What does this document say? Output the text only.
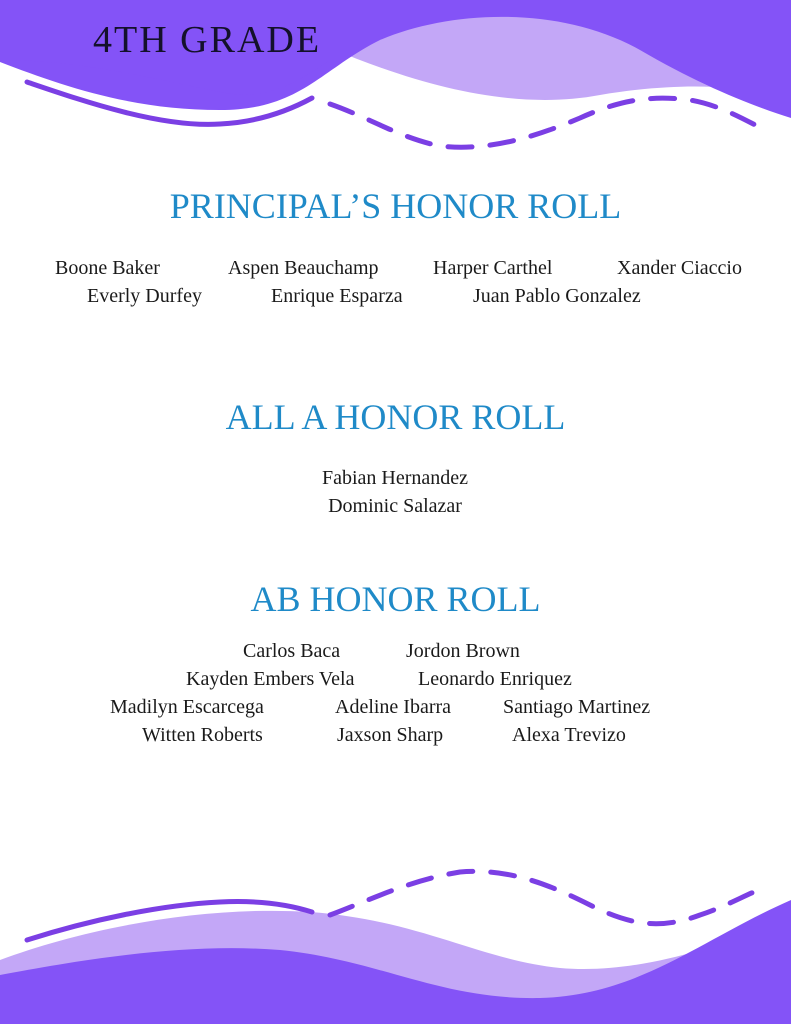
4TH GRADE
PRINCIPAL’S HONOR ROLL
Boone Baker	Aspen Beauchamp	Harper Carthel	Xander Ciaccio
Everly Durfey	Enrique Esparza	Juan Pablo Gonzalez
ALL A HONOR ROLL
Fabian Hernandez
Dominic Salazar
AB HONOR ROLL
Carlos Baca	Jordon Brown
Kayden Embers Vela	Leonardo Enriquez
Madilyn Escarcega	Adeline Ibarra	Santiago Martinez
Witten Roberts	Jaxson Sharp	Alexa Trevizo
